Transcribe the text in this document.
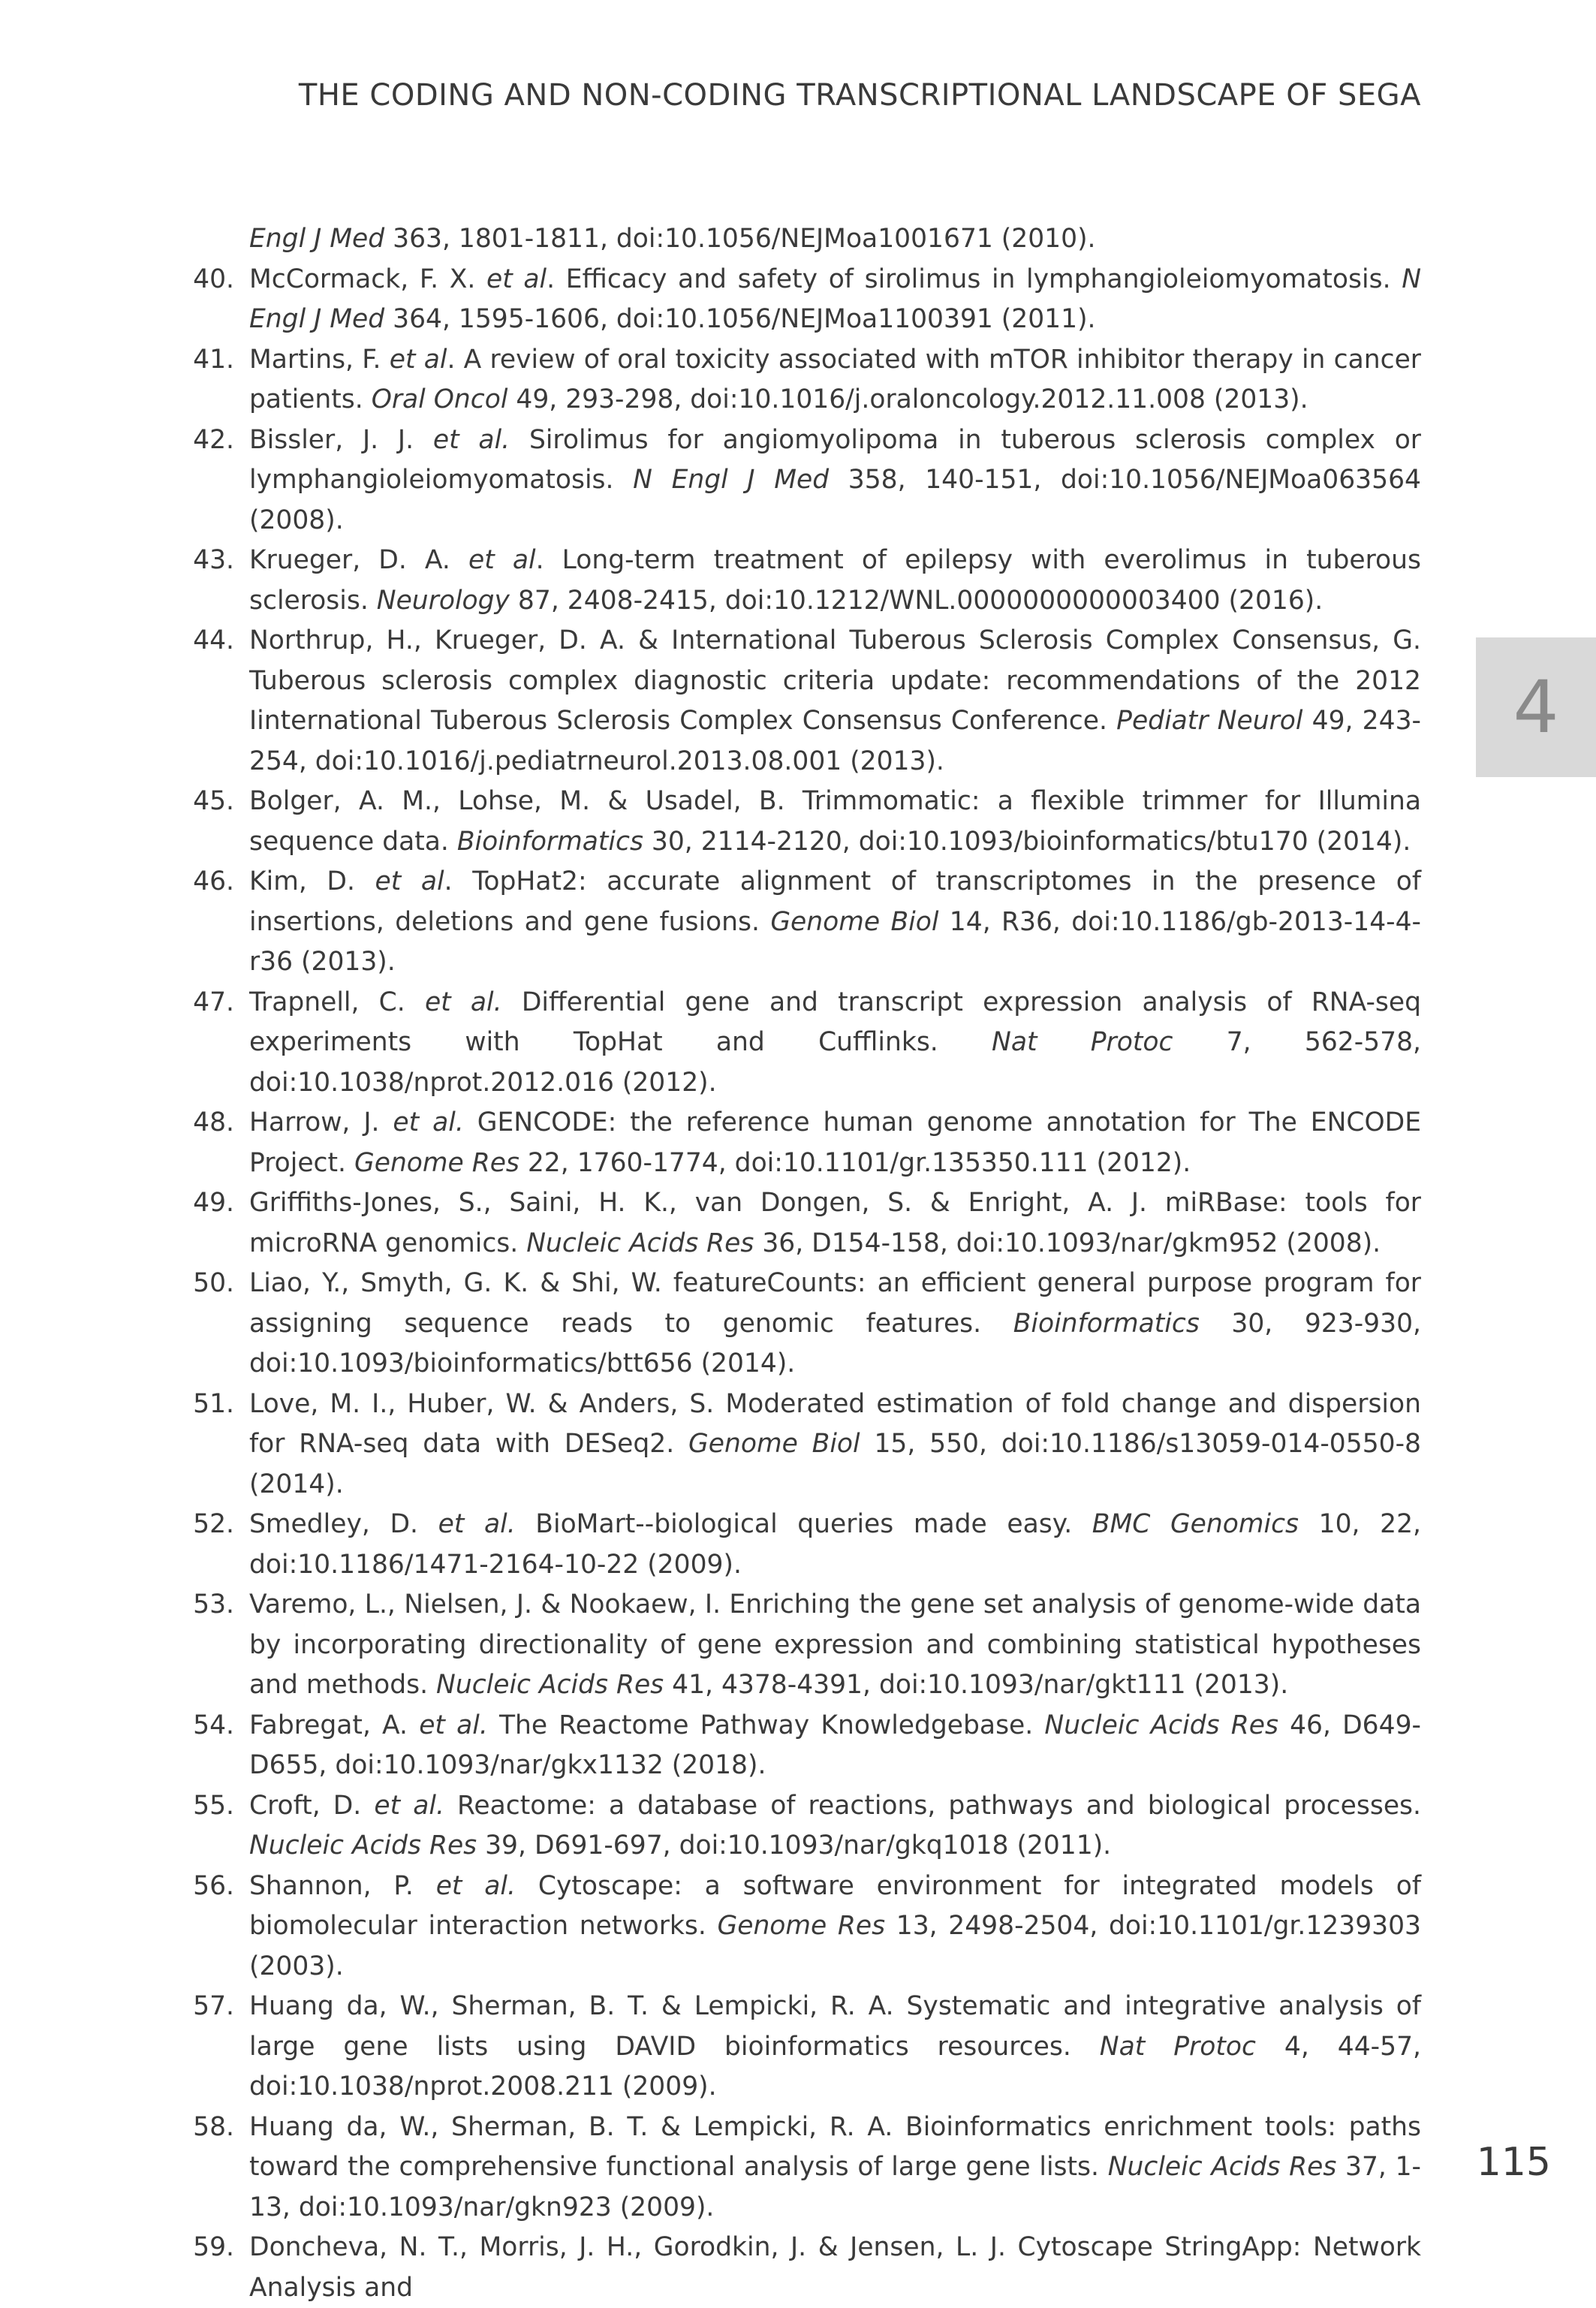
THE CODING AND NON-CODING TRANSCRIPTIONAL LANDSCAPE OF SEGA

Engl J Med 363, 1801-1811, doi:10.1056/NEJMoa1001671 (2010).

40. McCormack, F. X. et al. Efficacy and safety of sirolimus in lymphangioleiomyomatosis. N Engl J Med 364, 1595-1606, doi:10.1056/NEJMoa1100391 (2011).

41. Martins, F. et al. A review of oral toxicity associated with mTOR inhibitor therapy in cancer patients. Oral Oncol 49, 293-298, doi:10.1016/j.oraloncology.2012.11.008 (2013).

42. Bissler, J. J. et al. Sirolimus for angiomyolipoma in tuberous sclerosis complex or lymphangioleiomyomatosis. N Engl J Med 358, 140-151, doi:10.1056/NEJMoa063564 (2008).

43. Krueger, D. A. et al. Long-term treatment of epilepsy with everolimus in tuberous sclerosis. Neurology 87, 2408-2415, doi:10.1212/WNL.0000000000003400 (2016).

44. Northrup, H., Krueger, D. A. & International Tuberous Sclerosis Complex Consensus, G. Tuberous sclerosis complex diagnostic criteria update: recommendations of the 2012 Iinternational Tuberous Sclerosis Complex Consensus Conference. Pediatr Neurol 49, 243-254, doi:10.1016/j.pediatrneurol.2013.08.001 (2013).

45. Bolger, A. M., Lohse, M. & Usadel, B. Trimmomatic: a flexible trimmer for Illumina sequence data. Bioinformatics 30, 2114-2120, doi:10.1093/bioinformatics/btu170 (2014).

46. Kim, D. et al. TopHat2: accurate alignment of transcriptomes in the presence of insertions, deletions and gene fusions. Genome Biol 14, R36, doi:10.1186/gb-2013-14-4-r36 (2013).

47. Trapnell, C. et al. Differential gene and transcript expression analysis of RNA-seq experiments with TopHat and Cufflinks. Nat Protoc 7, 562-578, doi:10.1038/nprot.2012.016 (2012).

48. Harrow, J. et al. GENCODE: the reference human genome annotation for The ENCODE Project. Genome Res 22, 1760-1774, doi:10.1101/gr.135350.111 (2012).

49. Griffiths-Jones, S., Saini, H. K., van Dongen, S. & Enright, A. J. miRBase: tools for microRNA genomics. Nucleic Acids Res 36, D154-158, doi:10.1093/nar/gkm952 (2008).

50. Liao, Y., Smyth, G. K. & Shi, W. featureCounts: an efficient general purpose program for assigning sequence reads to genomic features. Bioinformatics 30, 923-930, doi:10.1093/bioinformatics/btt656 (2014).

51. Love, M. I., Huber, W. & Anders, S. Moderated estimation of fold change and dispersion for RNA-seq data with DESeq2. Genome Biol 15, 550, doi:10.1186/s13059-014-0550-8 (2014).

52. Smedley, D. et al. BioMart--biological queries made easy. BMC Genomics 10, 22, doi:10.1186/1471-2164-10-22 (2009).

53. Varemo, L., Nielsen, J. & Nookaew, I. Enriching the gene set analysis of genome-wide data by incorporating directionality of gene expression and combining statistical hypotheses and methods. Nucleic Acids Res 41, 4378-4391, doi:10.1093/nar/gkt111 (2013).

54. Fabregat, A. et al. The Reactome Pathway Knowledgebase. Nucleic Acids Res 46, D649-D655, doi:10.1093/nar/gkx1132 (2018).

55. Croft, D. et al. Reactome: a database of reactions, pathways and biological processes. Nucleic Acids Res 39, D691-697, doi:10.1093/nar/gkq1018 (2011).

56. Shannon, P. et al. Cytoscape: a software environment for integrated models of biomolecular interaction networks. Genome Res 13, 2498-2504, doi:10.1101/gr.1239303 (2003).

57. Huang da, W., Sherman, B. T. & Lempicki, R. A. Systematic and integrative analysis of large gene lists using DAVID bioinformatics resources. Nat Protoc 4, 44-57, doi:10.1038/nprot.2008.211 (2009).

58. Huang da, W., Sherman, B. T. & Lempicki, R. A. Bioinformatics enrichment tools: paths toward the comprehensive functional analysis of large gene lists. Nucleic Acids Res 37, 1-13, doi:10.1093/nar/gkn923 (2009).

59. Doncheva, N. T., Morris, J. H., Gorodkin, J. & Jensen, L. J. Cytoscape StringApp: Network Analysis and

4
115
